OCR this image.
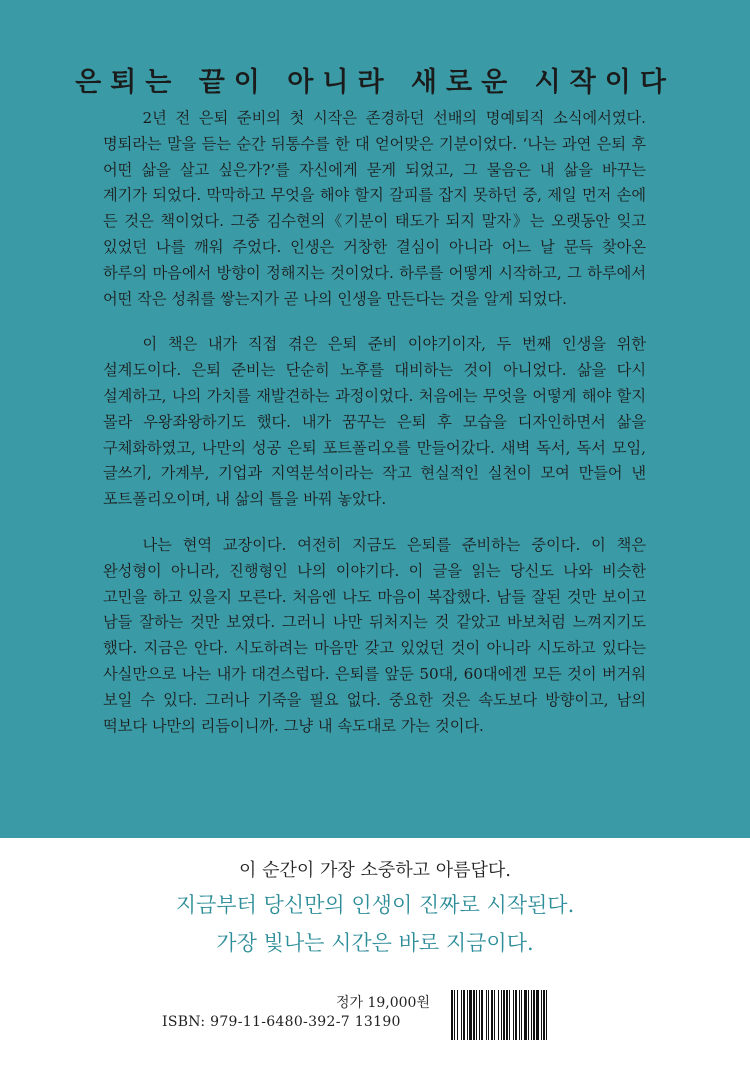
은퇴는 끝이 아니라 새로운 시작이다

2년 전 은퇴 준비의 첫 시작은 존경하던 선배의 명예퇴직 소식에서였다. 명퇴라는 말을 듣는 순간 뒤통수를 한 대 얻어맞은 기분이었다. ‘나는 과연 은퇴 후 어떤 삶을 살고 싶은가?’를 자신에게 묻게 되었고, 그 물음은 내 삶을 바꾸는 계기가 되었다. 막막하고 무엇을 해야 할지 갈피를 잡지 못하던 중, 제일 먼저 손에 든 것은 책이었다. 그중 김수현의《기분이 태도가 되지 말자》는 오랫동안 잊고 있었던 나를 깨워 주었다. 인생은 거창한 결심이 아니라 어느 날 문득 찾아온 하루의 마음에서 방향이 정해지는 것이었다. 하루를 어떻게 시작하고, 그 하루에서 어떤 작은 성취를 쌓는지가 곧 나의 인생을 만든다는 것을 알게 되었다.

이 책은 내가 직접 겪은 은퇴 준비 이야기이자, 두 번째 인생을 위한 설계도이다. 은퇴 준비는 단순히 노후를 대비하는 것이 아니었다. 삶을 다시 설계하고, 나의 가치를 재발견하는 과정이었다. 처음에는 무엇을 어떻게 해야 할지 몰라 우왕좌왕하기도 했다. 내가 꿈꾸는 은퇴 후 모습을 디자인하면서 삶을 구체화하였고, 나만의 성공 은퇴 포트폴리오를 만들어갔다. 새벽 독서, 독서 모임, 글쓰기, 가계부, 기업과 지역분석이라는 작고 현실적인 실천이 모여 만들어 낸 포트폴리오이며, 내 삶의 틀을 바꿔 놓았다.

나는 현역 교장이다. 여전히 지금도 은퇴를 준비하는 중이다. 이 책은 완성형이 아니라, 진행형인 나의 이야기다. 이 글을 읽는 당신도 나와 비슷한 고민을 하고 있을지 모른다. 처음엔 나도 마음이 복잡했다. 남들 잘된 것만 보이고 남들 잘하는 것만 보였다. 그러니 나만 뒤처지는 것 같았고 바보처럼 느껴지기도 했다. 지금은 안다. 시도하려는 마음만 갖고 있었던 것이 아니라 시도하고 있다는 사실만으로 나는 내가 대견스럽다. 은퇴를 앞둔 50대, 60대에겐 모든 것이 버거워 보일 수 있다. 그러나 기죽을 필요 없다. 중요한 것은 속도보다 방향이고, 남의 떡보다 나만의 리듬이니까. 그냥 내 속도대로 가는 것이다.

이 순간이 가장 소중하고 아름답다.
지금부터 당신만의 인생이 진짜로 시작된다.
가장 빛나는 시간은 바로 지금이다.
정가 19,000원
ISBN: 979-11-6480-392-7 13190
